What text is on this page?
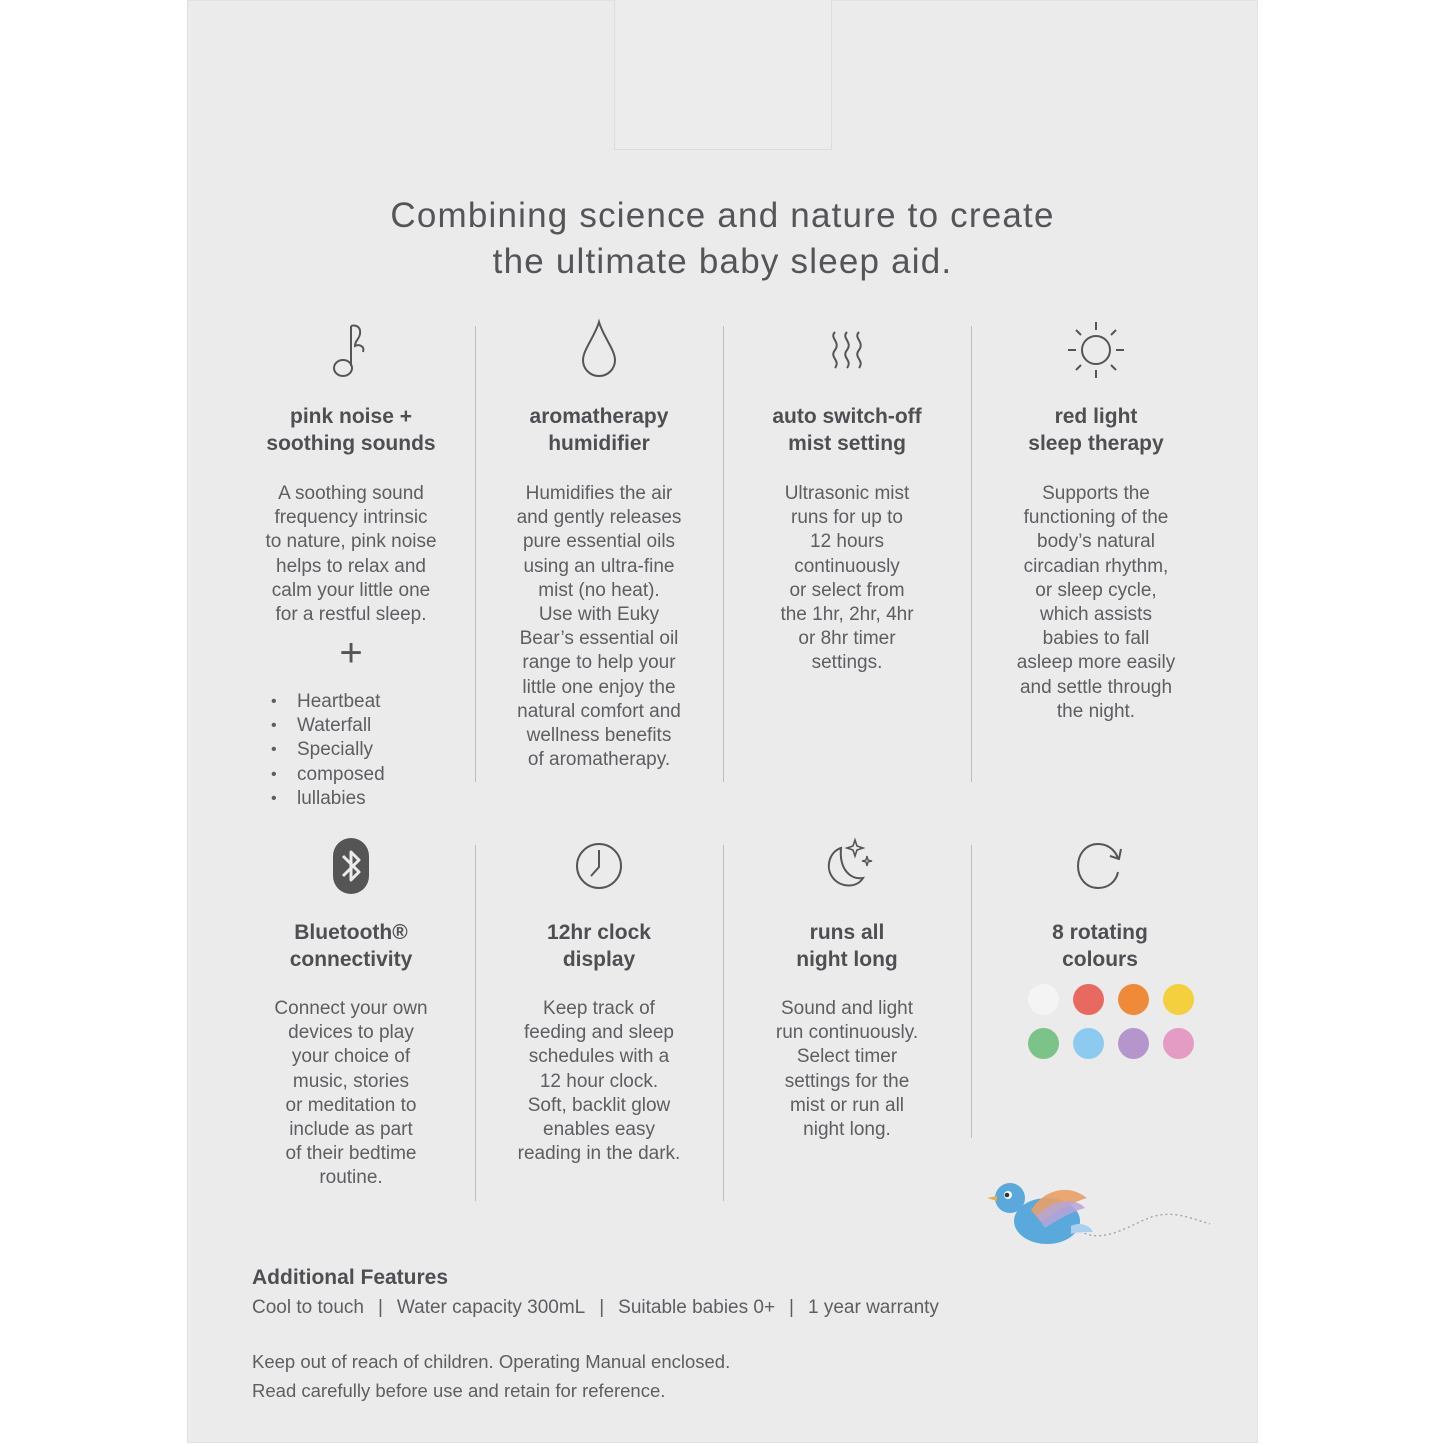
Combining science and nature to create
the ultimate baby sleep aid.
pink noise +
soothing sounds
A soothing sound
frequency intrinsic
to nature, pink noise
helps to relax and
calm your little one
for a restful sleep.
+
• Heartbeat
• Waterfall
• Specially
• composed
• lullabies
aromatherapy
humidifier
Humidifies the air
and gently releases
pure essential oils
using an ultra-fine
mist (no heat).
Use with Euky
Bear’s essential oil
range to help your
little one enjoy the
natural comfort and
wellness benefits
of aromatherapy.
auto switch-off
mist setting
Ultrasonic mist
runs for up to
12 hours
continuously
or select from
the 1hr, 2hr, 4hr
or 8hr timer
settings.
red light
sleep therapy
Supports the
functioning of the
body’s natural
circadian rhythm,
or sleep cycle,
which assists
babies to fall
asleep more easily
and settle through
the night.
Bluetooth®
connectivity
Connect your own
devices to play
your choice of
music, stories
or meditation to
include as part
of their bedtime
routine.
12hr clock
display
Keep track of
feeding and sleep
schedules with a
12 hour clock.
Soft, backlit glow
enables easy
reading in the dark.
runs all
night long
Sound and light
run continuously.
Select timer
settings for the
mist or run all
night long.
8 rotating
colours
Additional Features
Cool to touch | Water capacity 300mL | Suitable babies 0+ | 1 year warranty
Keep out of reach of children. Operating Manual enclosed.
Read carefully before use and retain for reference.
